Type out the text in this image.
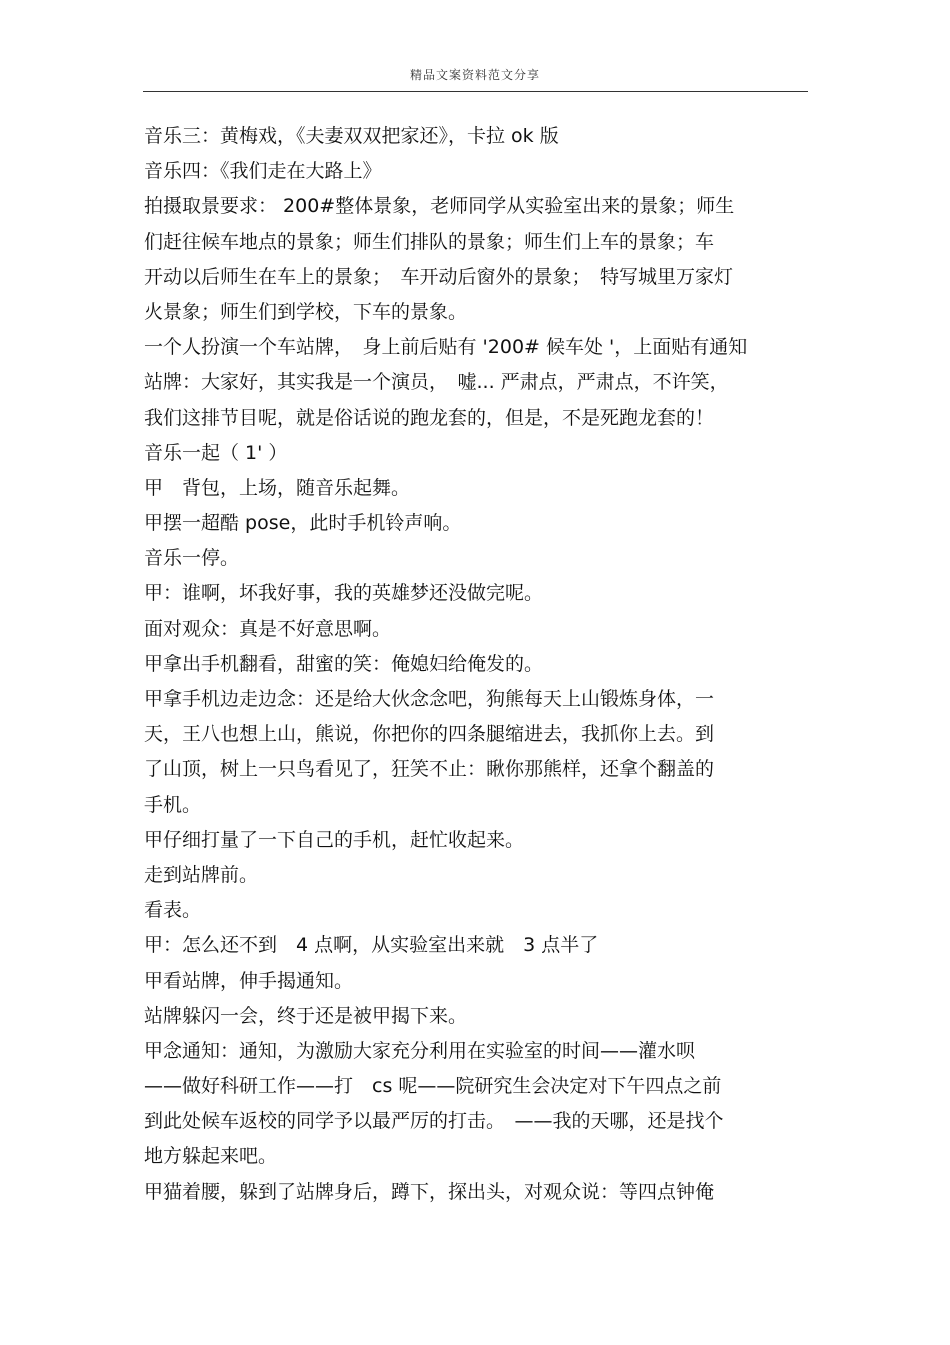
精品文案资料范文分享
音乐三：黄梅戏，《夫妻双双把家还》，卡拉 ok 版
音乐四：《我们走在大路上》
拍摄取景要求： 200#整体景象，老师同学从实验室出来的景象；师生
们赶往候车地点的景象；师生们排队的景象；师生们上车的景象；车
开动以后师生在车上的景象；　车开动后窗外的景象；　特写城里万家灯
火景象；师生们到学校，下车的景象。
一个人扮演一个车站牌，　身上前后贴有 '200# 候车处 '，上面贴有通知
站牌：大家好，其实我是一个演员，　嘘... 严肃点，严肃点，不许笑，
我们这排节目呢，就是俗话说的跑龙套的，但是，不是死跑龙套的！
音乐一起（ 1' ）
甲　背包，上场，随音乐起舞。
甲摆一超酷 pose，此时手机铃声响。
音乐一停。
甲：谁啊，坏我好事，我的英雄梦还没做完呢。
面对观众：真是不好意思啊。
甲拿出手机翻看，甜蜜的笑：俺媳妇给俺发的。
甲拿手机边走边念：还是给大伙念念吧，狗熊每天上山锻炼身体，一
天，王八也想上山，熊说，你把你的四条腿缩进去，我抓你上去。到
了山顶，树上一只鸟看见了，狂笑不止：瞅你那熊样，还拿个翻盖的
手机。
甲仔细打量了一下自己的手机，赶忙收起来。
走到站牌前。
看表。
甲：怎么还不到　4 点啊，从实验室出来就　3 点半了
甲看站牌，伸手揭通知。
站牌躲闪一会，终于还是被甲揭下来。
甲念通知：通知，为激励大家充分利用在实验室的时间——灌水呗
——做好科研工作——打　cs 呢——院研究生会决定对下午四点之前
到此处候车返校的同学予以最严厉的打击。　——我的天哪，还是找个
地方躲起来吧。
甲猫着腰，躲到了站牌身后，蹲下，探出头，对观众说：等四点钟俺
